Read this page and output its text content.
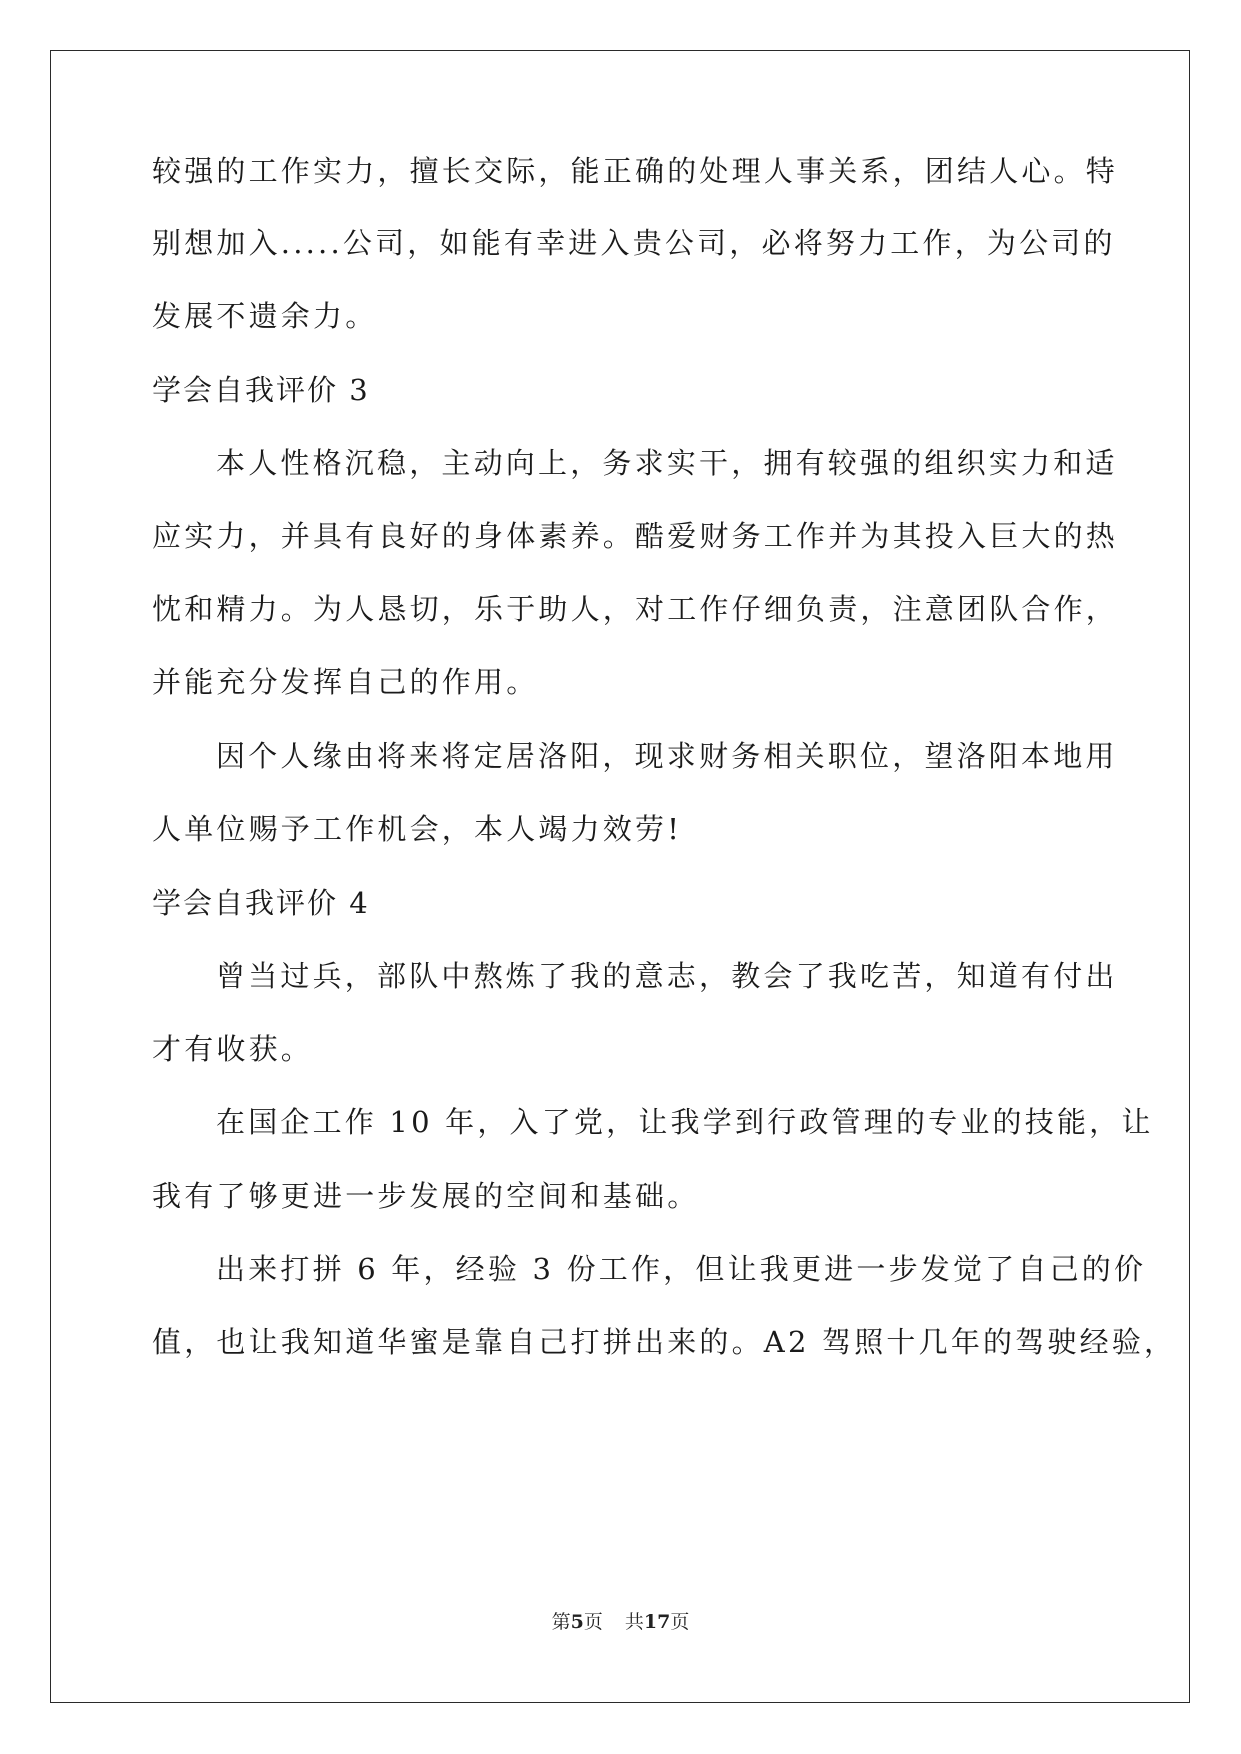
较强的工作实力，擅长交际，能正确的处理人事关系，团结人心。特
别想加入.....公司，如能有幸进入贵公司，必将努力工作，为公司的
发展不遗余力。
学会自我评价 3
本人性格沉稳，主动向上，务求实干，拥有较强的组织实力和适
应实力，并具有良好的身体素养。酷爱财务工作并为其投入巨大的热
忱和精力。为人恳切，乐于助人，对工作仔细负责，注意团队合作，
并能充分发挥自己的作用。
因个人缘由将来将定居洛阳，现求财务相关职位，望洛阳本地用
人单位赐予工作机会，本人竭力效劳!
学会自我评价 4
曾当过兵，部队中熬炼了我的意志，教会了我吃苦，知道有付出
才有收获。
在国企工作 10 年，入了党，让我学到行政管理的专业的技能，让
我有了够更进一步发展的空间和基础。
出来打拼 6 年，经验 3 份工作，但让我更进一步发觉了自己的价
值，也让我知道华蜜是靠自己打拼出来的。A2 驾照十几年的驾驶经验，
第5页 共17页
